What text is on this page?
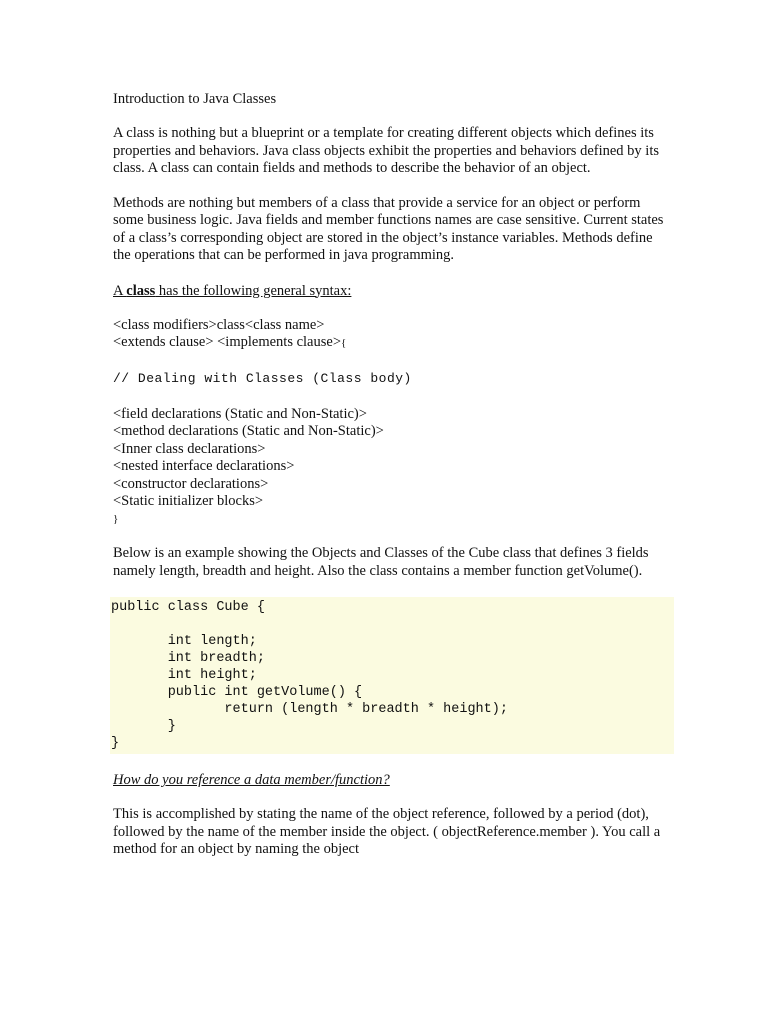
Introduction to Java Classes
A class is nothing but a blueprint or a template for creating different objects which defines its properties and behaviors. Java class objects exhibit the properties and behaviors defined by its class. A class can contain fields and methods to describe the behavior of an object.
Methods are nothing but members of a class that provide a service for an object or perform some business logic. Java fields and member functions names are case sensitive. Current states of a class’s corresponding object are stored in the object’s instance variables. Methods define the operations that can be performed in java programming.
A class has the following general syntax:
<class modifiers>class<class name>
<extends clause> <implements clause>{
// Dealing with Classes (Class body)
<field declarations (Static and Non-Static)>
<method declarations (Static and Non-Static)>
<Inner class declarations>
<nested interface declarations>
<constructor declarations>
<Static initializer blocks>
}
Below is an example showing the Objects and Classes of the Cube class that defines 3 fields namely length, breadth and height. Also the class contains a member function getVolume().
public class Cube {

int length;
int breadth;
int height;
public int getVolume() {
return (length * breadth * height);
}
}
How do you reference a data member/function?
This is accomplished by stating the name of the object reference, followed by a period (dot), followed by the name of the member inside the object. ( objectReference.member ). You call a method for an object by naming the object
